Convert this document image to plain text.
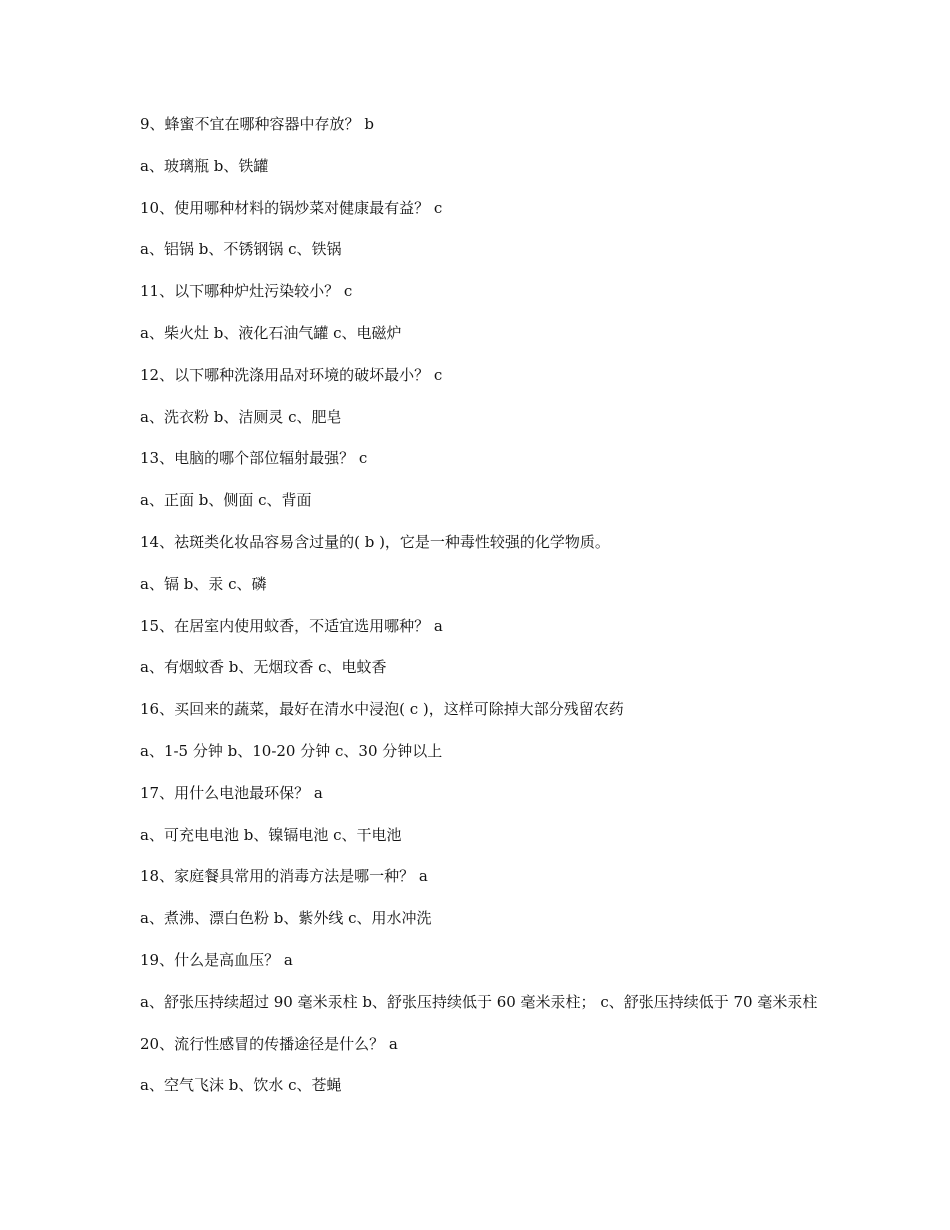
9、蜂蜜不宜在哪种容器中存放？ b
a、玻璃瓶 b、铁罐
10、使用哪种材料的锅炒菜对健康最有益？ c
a、铝锅 b、不锈钢锅 c、铁锅
11、以下哪种炉灶污染较小？ c
a、柴火灶 b、液化石油气罐 c、电磁炉
12、以下哪种洗涤用品对环境的破坏最小？ c
a、洗衣粉 b、洁厕灵 c、肥皂
13、电脑的哪个部位辐射最强？ c
a、正面 b、侧面 c、背面
14、祛斑类化妆品容易含过量的( b )，它是一种毒性较强的化学物质。
a、镉 b、汞 c、磷
15、在居室内使用蚊香，不适宜选用哪种？ a
a、有烟蚊香 b、无烟玟香 c、电蚊香
16、买回来的蔬菜，最好在清水中浸泡( c )，这样可除掉大部分残留农药
a、1-5 分钟 b、10-20 分钟 c、30 分钟以上
17、用什么电池最环保？ a
a、可充电电池 b、镍镉电池 c、干电池
18、家庭餐具常用的消毒方法是哪一种？ a
a、煮沸、漂白色粉 b、紫外线 c、用水冲洗
19、什么是高血压？ a
a、舒张压持续超过 90 毫米汞柱 b、舒张压持续低于 60 毫米汞柱； c、舒张压持续低于 70 毫米汞柱
20、流行性感冒的传播途径是什么？ a
a、空气飞沫 b、饮水 c、苍蝇
